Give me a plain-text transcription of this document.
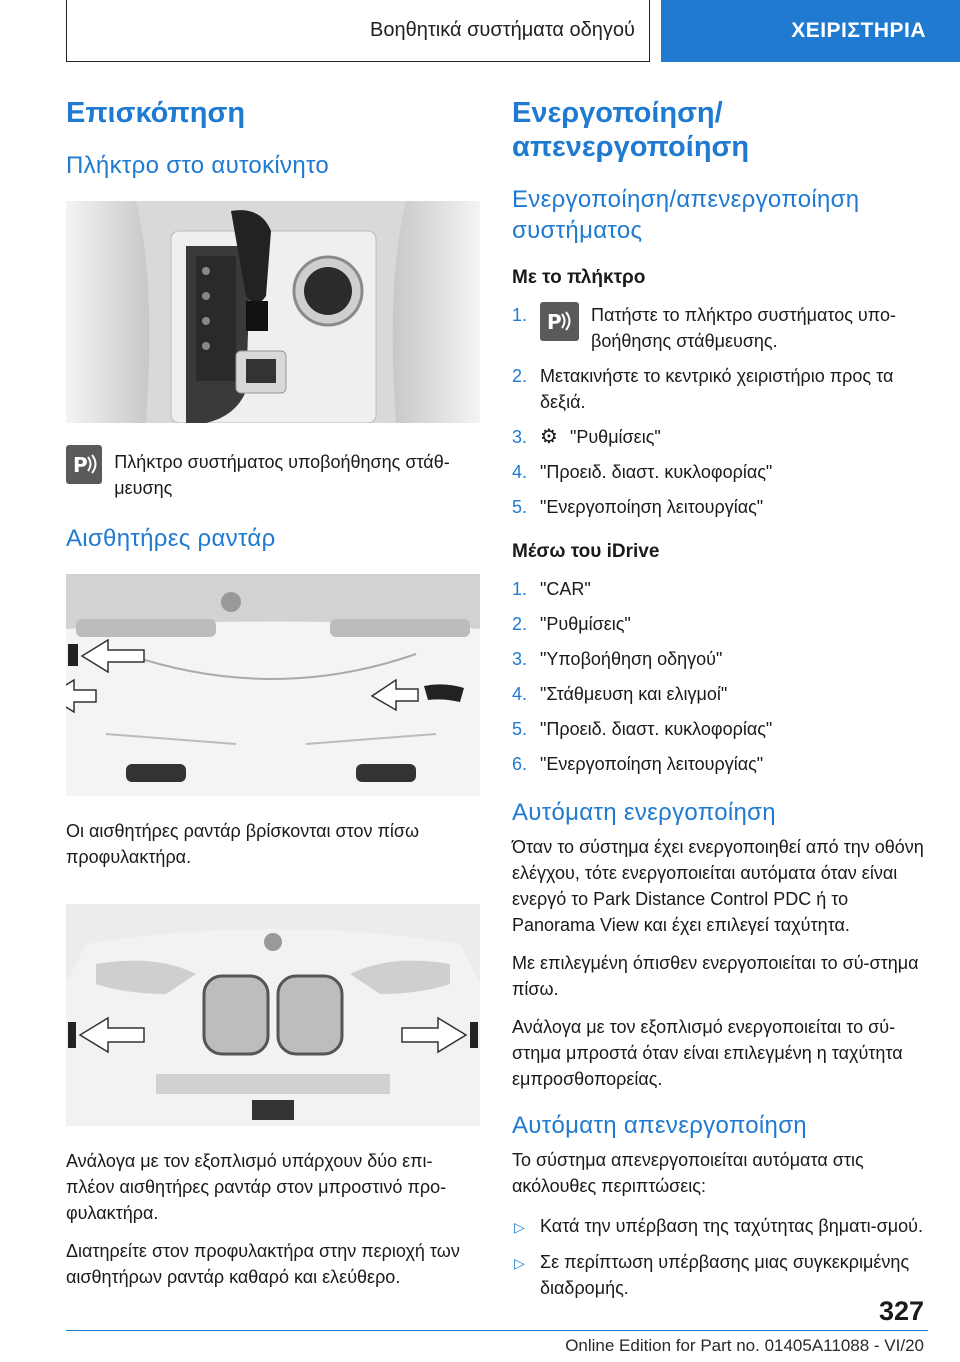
Βοηθητικά συστήματα οδηγού	ΧΕΙΡΙΣΤΗΡΙΑ
Επισκόπηση
Πλήκτρο στο αυτοκίνητο
P Πλήκτρο συστήματος υποβοήθησης στάθ-μευσης

Αισθητήρες ραντάρ

Οι αισθητήρες ραντάρ βρίσκονται στον πίσω προφυλακτήρα.

Ανάλογα με τον εξοπλισμό υπάρχουν δύο επι-πλέον αισθητήρες ραντάρ στον μπροστινό προ-φυλακτήρα.

Διατηρείτε στον προφυλακτήρα στην περιοχή των αισθητήρων ραντάρ καθαρό και ελεύθερο.

Ενεργοποίηση/απενεργοποίηση
Ενεργοποίηση/απενεργοποίηση συστήματος
Με το πλήκτρο
1. P Πατήστε το πλήκτρο συστήματος υπο-βοήθησης στάθμευσης.
2. Μετακινήστε το κεντρικό χειριστήριο προς τα δεξιά.
3. ⚙ "Ρυθμίσεις"
4. "Προειδ. διαστ. κυκλοφορίας"
5. "Ενεργοποίηση λειτουργίας"
Μέσω του iDrive
1. "CAR"
2. "Ρυθμίσεις"
3. "Υποβοήθηση οδηγού"
4. "Στάθμευση και ελιγμοί"
5. "Προειδ. διαστ. κυκλοφορίας"
6. "Ενεργοποίηση λειτουργίας"
Αυτόματη ενεργοποίηση

Όταν το σύστημα έχει ενεργοποιηθεί από την οθόνη ελέγχου, τότε ενεργοποιείται αυτόματα όταν είναι ενεργό το Park Distance Control PDC ή το Panorama View και έχει επιλεγεί ταχύτητα.

Με επιλεγμένη όπισθεν ενεργοποιείται το σύ-στημα πίσω.

Ανάλογα με τον εξοπλισμό ενεργοποιείται το σύ-στημα μπροστά όταν είναι επιλεγμένη η ταχύτητα εμπροσθοπορείας.

Αυτόματη απενεργοποίηση

Το σύστημα απενεργοποιείται αυτόματα στις ακόλουθες περιπτώσεις:

▷ Κατά την υπέρβαση της ταχύτητας βηματι-σμού.
▷ Σε περίπτωση υπέρβασης μιας συγκεκριμένης διαδρομής.
327
Online Edition for Part no. 01405A11088 - VI/20
